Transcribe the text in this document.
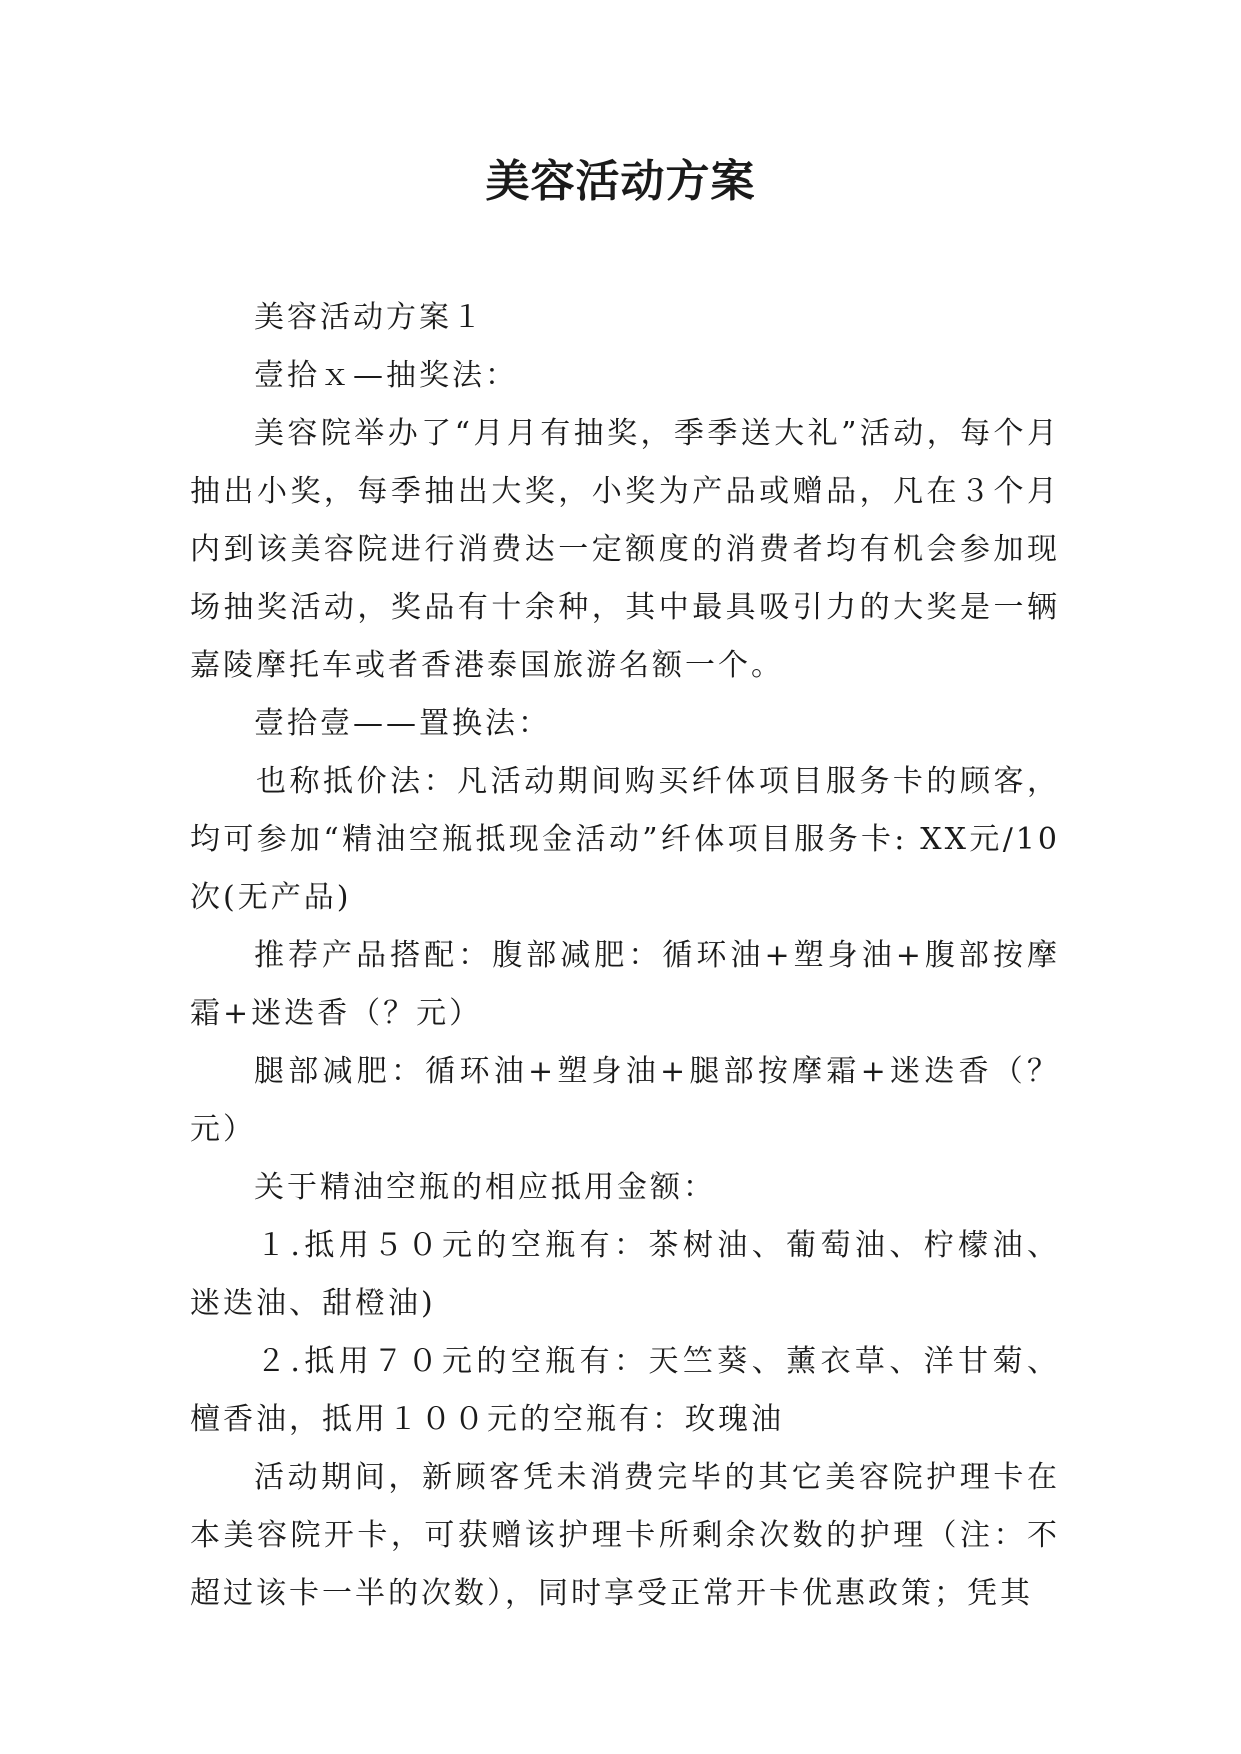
美容活动方案

美容活动方案１

壹拾ｘ—抽奖法：

美容院举办了“月月有抽奖，季季送大礼”活动，每个月抽出小奖，每季抽出大奖，小奖为产品或赠品，凡在３个月内到该美容院进行消费达一定额度的消费者均有机会参加现场抽奖活动，奖品有十余种，其中最具吸引力的大奖是一辆嘉陵摩托车或者香港泰国旅游名额一个。

壹拾壹——置换法：

也称抵价法：凡活动期间购买纤体项目服务卡的顾客，均可参加“精油空瓶抵现金活动”纤体项目服务卡: XX元/10次(无产品)

推荐产品搭配：腹部减肥：循环油+塑身油+腹部按摩霜+迷迭香（？元）

腿部减肥：循环油+塑身油+腿部按摩霜+迷迭香（？元）

关于精油空瓶的相应抵用金额：

１.抵用５０元的空瓶有：茶树油、葡萄油、柠檬油、迷迭油、甜橙油)

２.抵用７０元的空瓶有：天竺葵、薰衣草、洋甘菊、檀香油，抵用１００元的空瓶有：玫瑰油

活动期间，新顾客凭未消费完毕的其它美容院护理卡在本美容院开卡，可获赠该护理卡所剩余次数的护理（注：不超过该卡一半的次数），同时享受正常开卡优惠政策；凭其
